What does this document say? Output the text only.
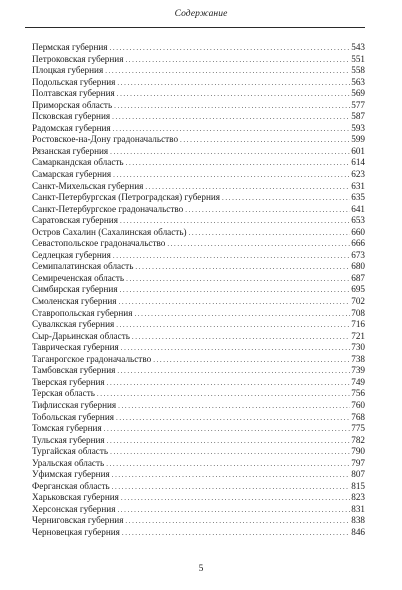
Содержание
Пермская губерния .....	543
Петроковская губерния .....	551
Плоцкая губерния .....	558
Подольская губерния .....	563
Полтавская губерния .....	569
Приморская область .....	577
Псковская губерния .....	587
Радомская губерния .....	593
Ростовское-на-Дону градоначальство .....	599
Рязанская губерния .....	601
Самаркандская область .....	614
Самарская губерния .....	623
Санкт-Михельская губерния .....	631
Санкт-Петербургская (Петроградская) губерния .....	635
Санкт-Петербургское градоначальство .....	641
Саратовская губерния .....	653
Остров Сахалин (Сахалинская область) .....	660
Севастопольское градоначальство .....	666
Седлецкая губерния .....	673
Семипалатинская область .....	680
Семиреченская область .....	687
Симбирская губерния .....	695
Смоленская губерния .....	702
Ставропольская губерния .....	708
Сувалкская губерния .....	716
Сыр-Дарьинская область .....	721
Таврическая губерния .....	730
Таганрогское градоначальство .....	738
Тамбовская губерния .....	739
Тверская губерния .....	749
Терская область .....	756
Тифлисская губерния .....	760
Тобольская губерния .....	768
Томская губерния .....	775
Тульская губерния .....	782
Тургайская область .....	790
Уральская область .....	797
Уфимская губерния .....	807
Ферганская область .....	815
Харьковская губерния .....	823
Херсонская губерния .....	831
Черниговская губерния .....	838
Черновецкая губерния .....	846
5
